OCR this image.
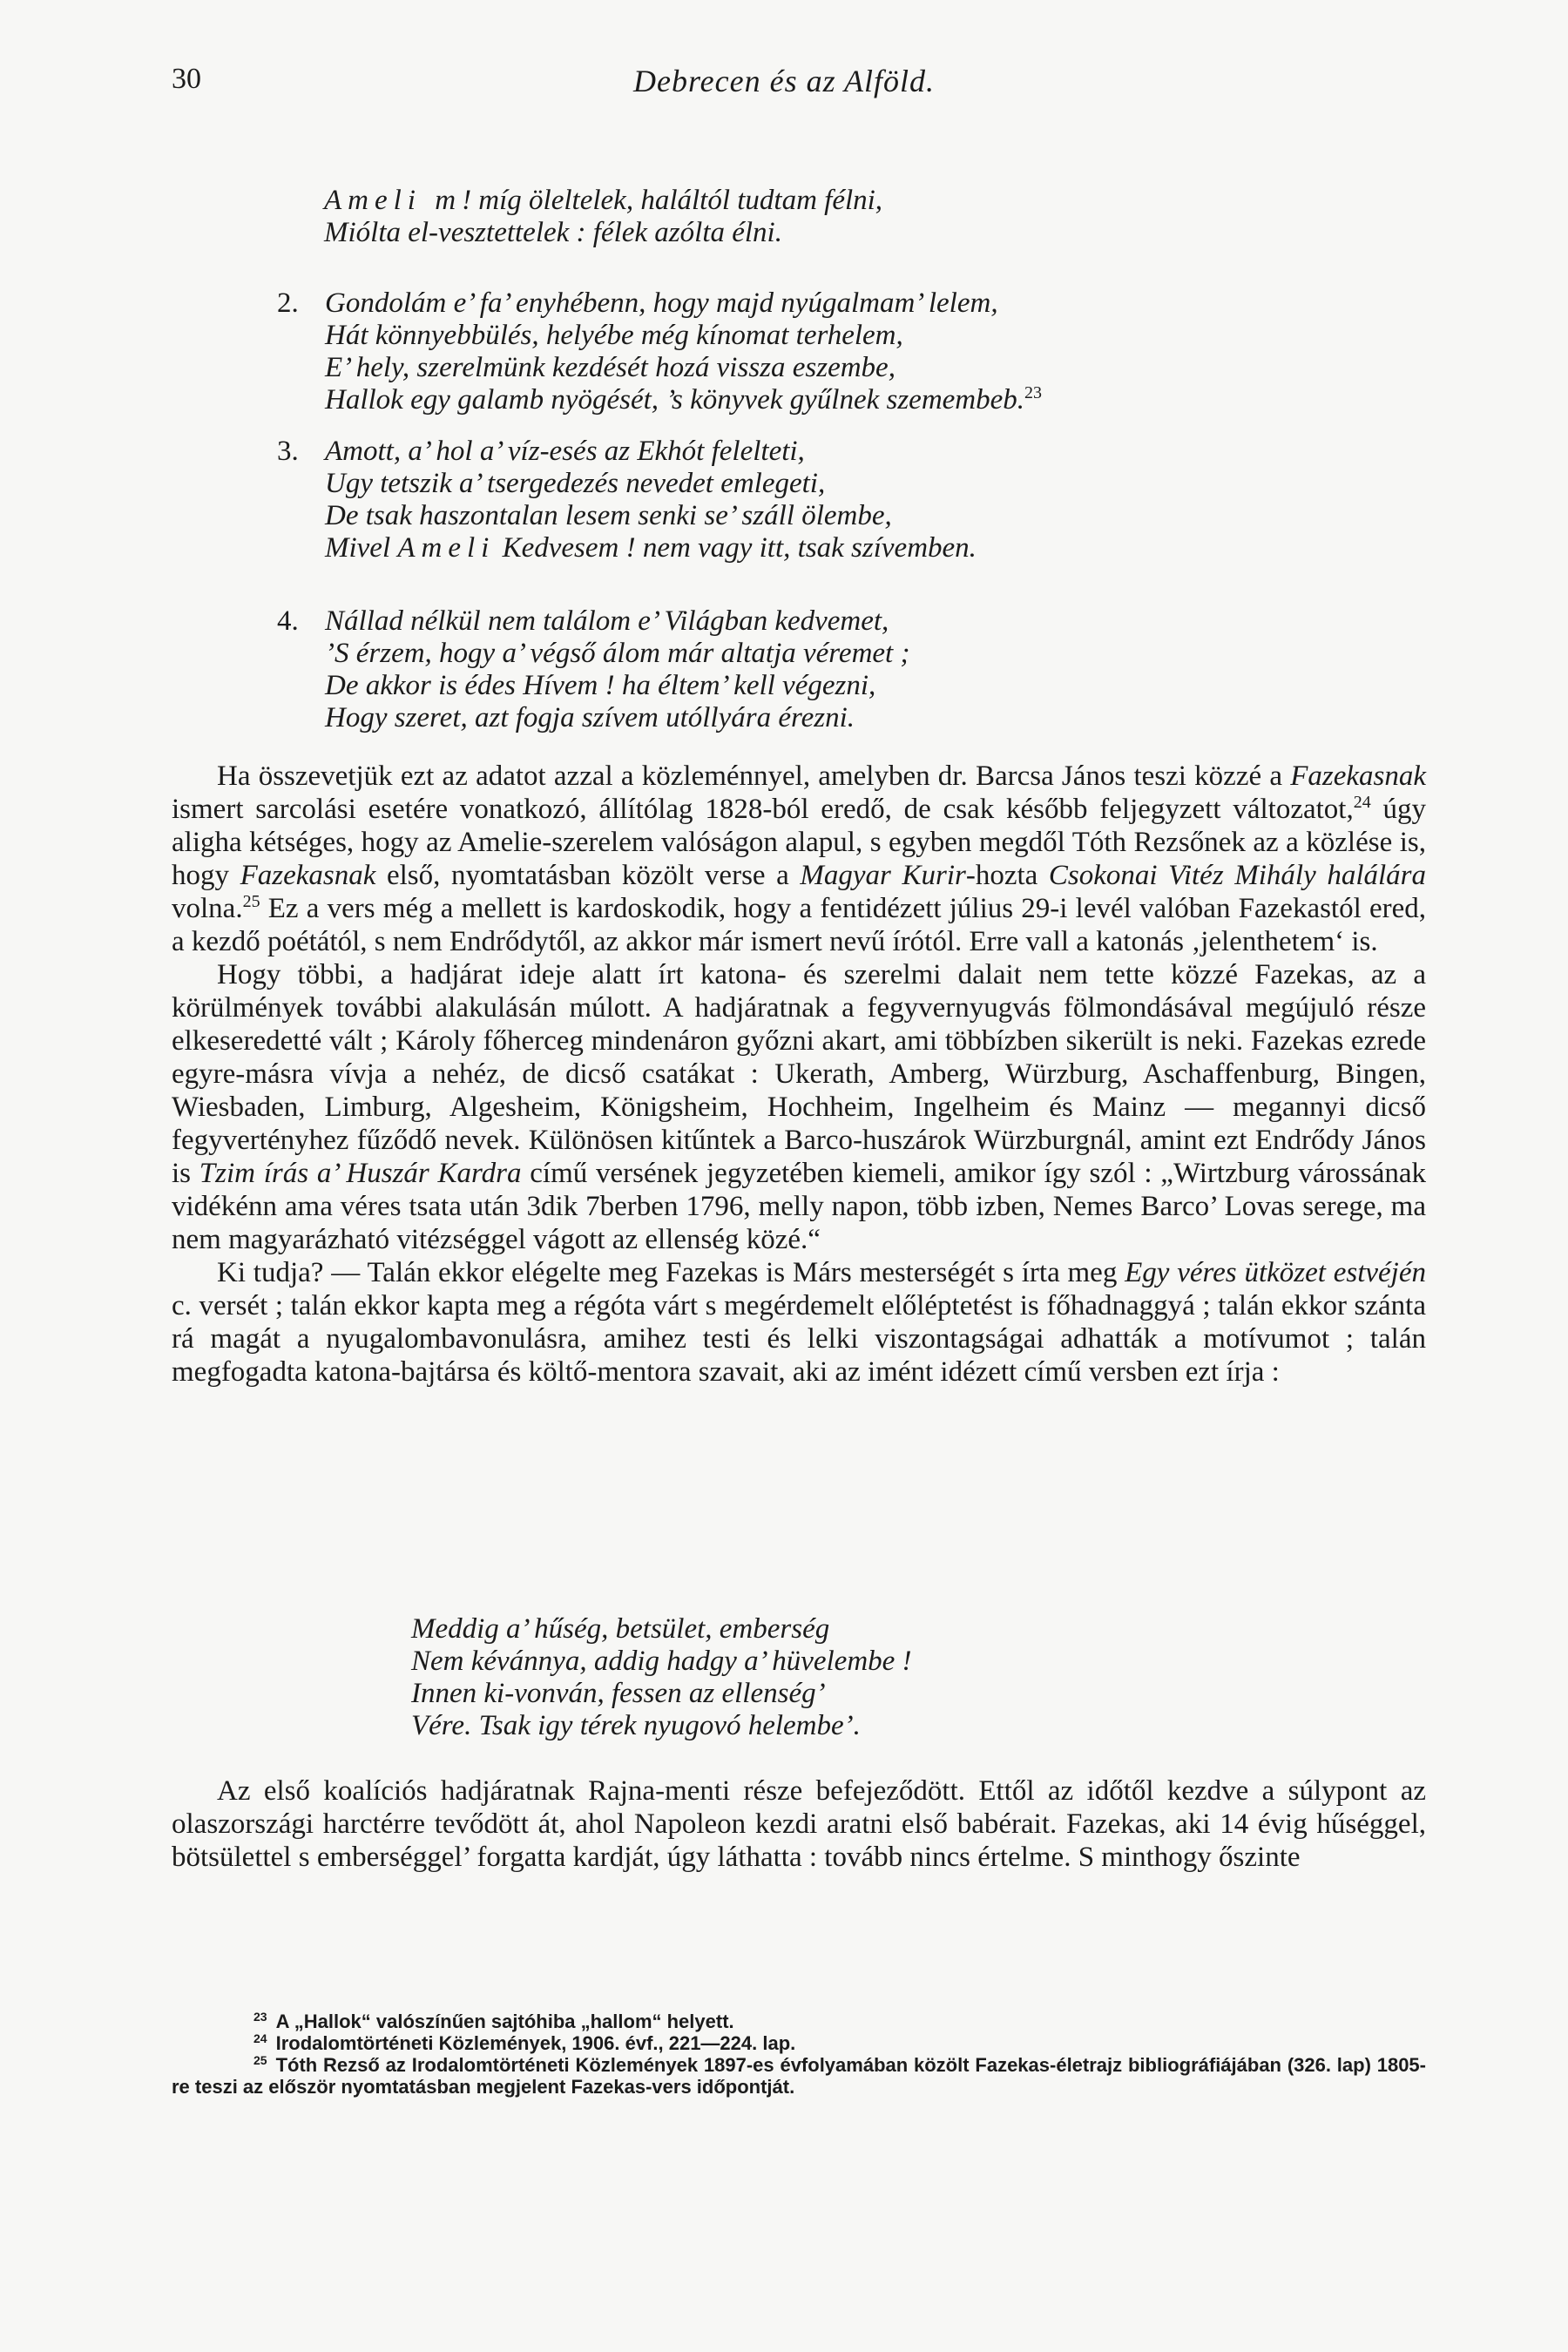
30	Debrecen és az Alföld.

Ameli m! míg öleltelek, haláltól tudtam félni,

Miólta el-vesztettelek : félek azólta élni.

2. Gondolám e’ fa’ enyhébenn, hogy majd nyúgalmam’ lelem,

Hát könnyebbülés, helyébe még kínomat terhelem,

E’ hely, szerelmünk kezdését hozá vissza eszembe,

Hallok egy galamb nyögését, ’s könyvek gyűlnek szemembeb.$^{23}$

3. Amott, a’ hol a’ víz-esés az Ekhót felelteti,

Ugy tetszik a’ tsergedezés nevedet emlegeti,

De tsak haszontalan lesem senki se’ száll ölembe,

Mivel Ameli Kedvesem ! nem vagy itt, tsak szívemben.

4. Nállad nélkül nem találom e’ Világban kedvemet,

’S érzem, hogy a’ végső álom már altatja véremet ;

De akkor is édes Hívem ! ha éltem’ kell végezni,

Hogy szeret, azt fogja szívem utóllyára érezni.

Ha összevetjük ezt az adatot azzal a közleménnyel, amelyben dr. Barcsa János teszi közzé a Fazekasnak ismert sarcolási esetére vonatkozó, állítólag 1828-ból eredő, de csak később feljegyzett változatot,$^{24}$ úgy aligha kétséges, hogy az Amelie-szerelem valóságon alapul, s egyben megdől Tóth Rezsőnek az a közlése is, hogy Fazekasnak első, nyomtatásban közölt verse a Magyar Kurir-hozta Csokonai Vitéz Mihály halálára volna.$^{25}$ Ez a vers még a mellett is kardoskodik, hogy a fentidézett július 29-i levél valóban Fazekastól ered, a kezdő poétától, s nem Endrődytől, az akkor már ismert nevű írótól. Erre vall a katonás ‚jelenthetem‘ is.

Hogy többi, a hadjárat ideje alatt írt katona- és szerelmi dalait nem tette közzé Fazekas, az a körülmények további alakulásán múlott. A hadjáratnak a fegyvernyugvás fölmondásával megújuló része elkeseredetté vált ; Károly főherceg mindenáron győzni akart, ami többízben sikerült is neki. Fazekas ezrede egyre-másra vívja a nehéz, de dicső csatákat : Ukerath, Amberg, Würzburg, Aschaffenburg, Bingen, Wiesbaden, Limburg, Algesheim, Königsheim, Hochheim, Ingelheim és Mainz — megannyi dicső fegyvertényhez fűződő nevek. Különösen kitűntek a Barco-huszárok Würzburgnál, amint ezt Endrődy János is Tzim írás a’ Huszár Kardra című versének jegyzetében kiemeli, amikor így szól : „Wirtzburg várossának vidékénn ama véres tsata után 3dik 7berben 1796, melly napon, több izben, Nemes Barco’ Lovas serege, ma nem magyarázható vitézséggel vágott az ellenség közé.“

Ki tudja? — Talán ekkor elégelte meg Fazekas is Márs mesterségét s írta meg Egy véres ütközet estvéjén c. versét ; talán ekkor kapta meg a régóta várt s megérdemelt előléptetést is főhadnaggyá ; talán ekkor szánta rá magát a nyugalombavonulásra, amihez testi és lelki viszontagságai adhatták a motívumot ; talán megfogadta katona-bajtársa és költő-mentora szavait, aki az imént idézett című versben ezt írja :

Meddig a’ hűség, betsület, emberség

Nem kévánnya, addig hadgy a’ hüvelembe !

Innen ki-vonván, fessen az ellenség’

Vére. Tsak igy térek nyugovó helembe’.

Az első koalíciós hadjáratnak Rajna-menti része befejeződött. Ettől az időtől kezdve a súlypont az olaszországi harctérre tevődött át, ahol Napoleon kezdi aratni első babérait. Fazekas, aki 14 évig hűséggel, bötsülettel s emberséggel’ forgatta kardját, úgy láthatta : tovább nincs értelme. S minthogy őszinte

$^{23}$ A „Hallok“ valószínűen sajtóhiba „hallom“ helyett.

$^{24}$ Irodalomtörténeti Közlemények, 1906. évf., 221—224. lap.

$^{25}$ Tóth Rezső az Irodalomtörténeti Közlemények 1897-es évfolyamában közölt Fazekas-életrajz bibliográfiájában (326. lap) 1805-re teszi az először nyomtatásban megjelent Fazekas-vers időpontját.
